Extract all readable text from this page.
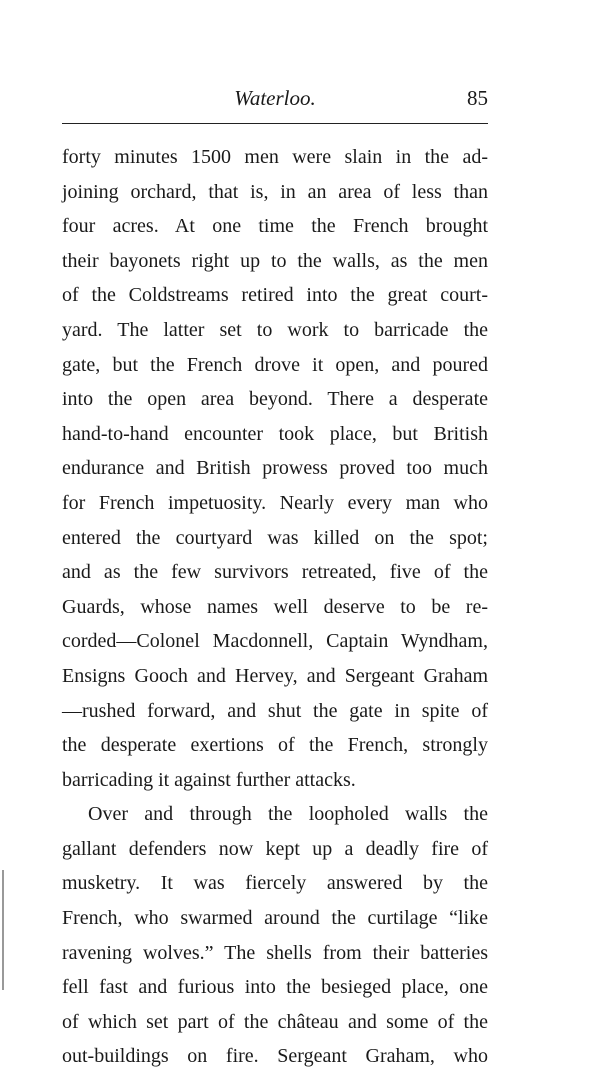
Waterloo.	85
forty minutes 1500 men were slain in the ad-
joining orchard, that is, in an area of less than
four acres. At one time the French brought
their bayonets right up to the walls, as the men
of the Coldstreams retired into the great court-
yard. The latter set to work to barricade the
gate, but the French drove it open, and poured
into the open area beyond. There a desperate
hand-to-hand encounter took place, but British
endurance and British prowess proved too much
for French impetuosity. Nearly every man who
entered the courtyard was killed on the spot;
and as the few survivors retreated, five of the
Guards, whose names well deserve to be re-
corded—Colonel Macdonnell, Captain Wyndham,
Ensigns Gooch and Hervey, and Sergeant Graham
—rushed forward, and shut the gate in spite of
the desperate exertions of the French, strongly
barricading it against further attacks.
Over and through the loopholed walls the
gallant defenders now kept up a deadly fire of
musketry. It was fiercely answered by the
French, who swarmed around the curtilage “like
ravening wolves.” The shells from their batteries
fell fast and furious into the besieged place, one
of which set part of the château and some of the
out-buildings on fire. Sergeant Graham, who
